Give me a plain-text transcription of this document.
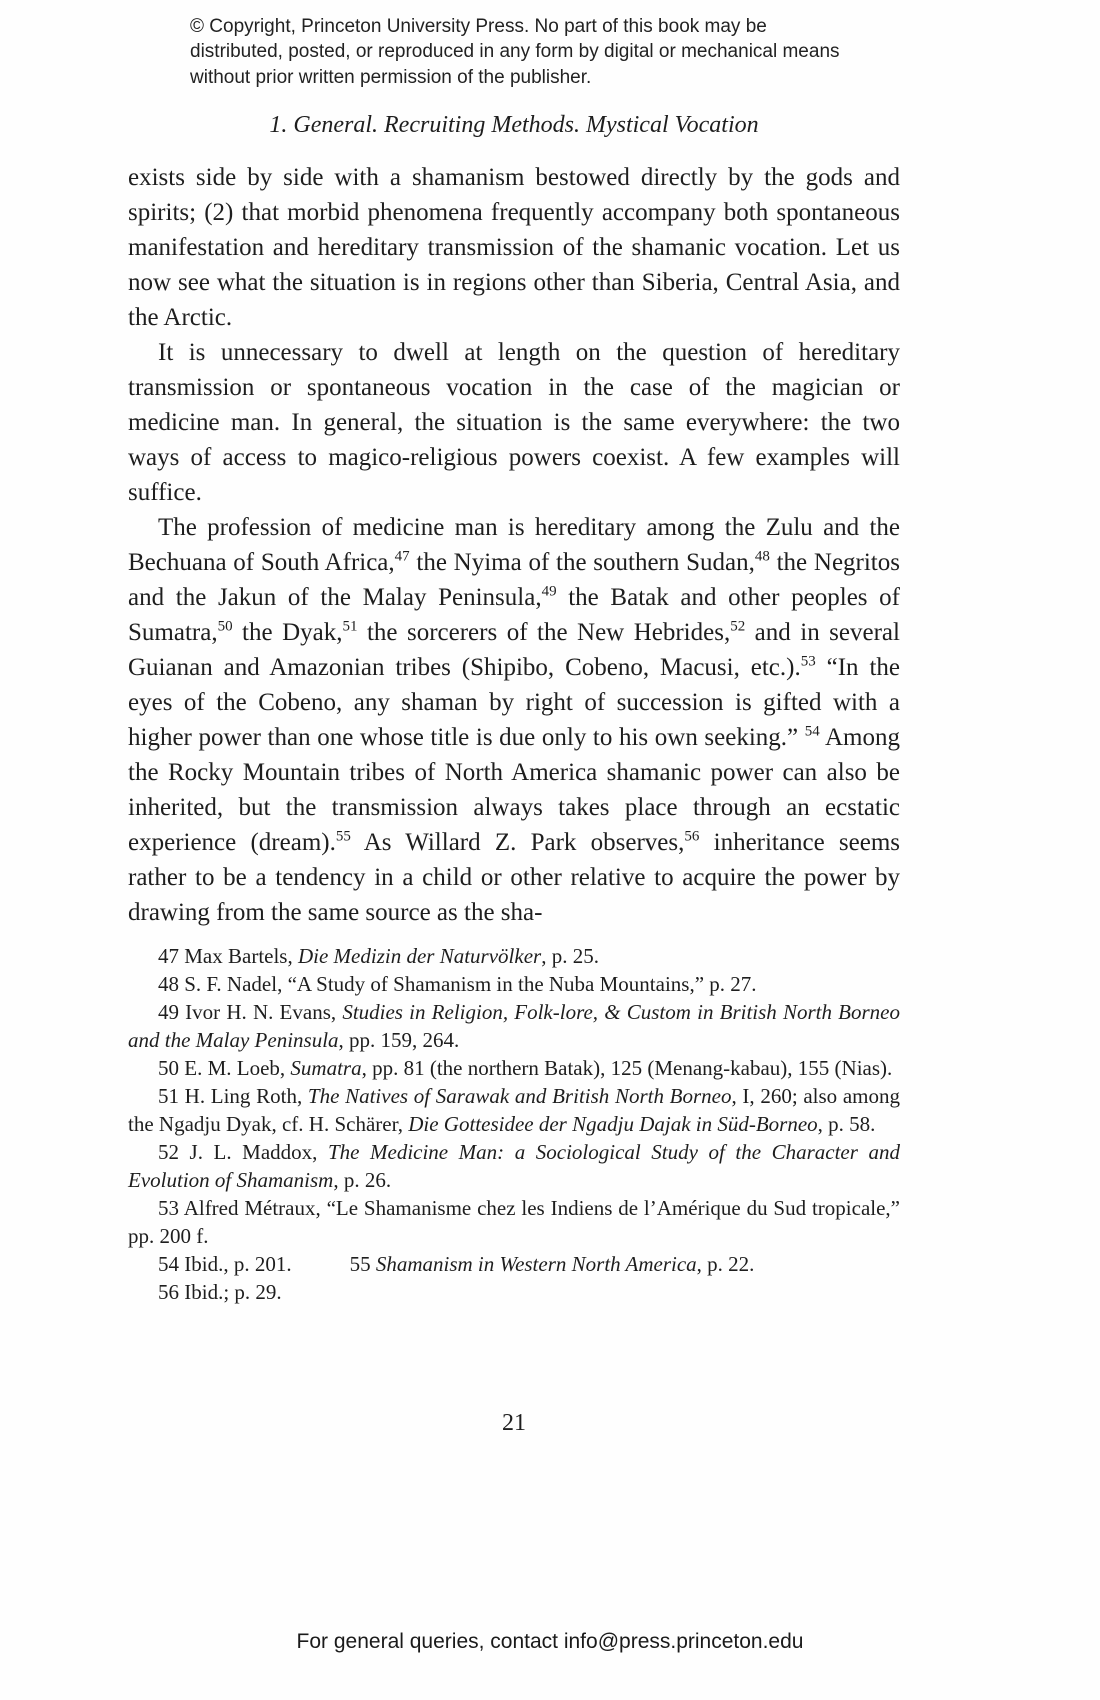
© Copyright, Princeton University Press. No part of this book may be distributed, posted, or reproduced in any form by digital or mechanical means without prior written permission of the publisher.
1. General. Recruiting Methods. Mystical Vocation

exists side by side with a shamanism bestowed directly by the gods and spirits; (2) that morbid phenomena frequently accompany both spontaneous manifestation and hereditary transmission of the shamanic vocation. Let us now see what the situation is in regions other than Siberia, Central Asia, and the Arctic.

It is unnecessary to dwell at length on the question of hereditary transmission or spontaneous vocation in the case of the magician or medicine man. In general, the situation is the same everywhere: the two ways of access to magico-religious powers coexist. A few examples will suffice.

The profession of medicine man is hereditary among the Zulu and the Bechuana of South Africa,$^{47}$ the Nyima of the southern Sudan,$^{48}$ the Negritos and the Jakun of the Malay Peninsula,$^{49}$ the Batak and other peoples of Sumatra,$^{50}$ the Dyak,$^{51}$ the sorcerers of the New Hebrides,$^{52}$ and in several Guianan and Amazonian tribes (Shipibo, Cobeno, Macusi, etc.).$^{53}$ “In the eyes of the Cobeno, any shaman by right of succession is gifted with a higher power than one whose title is due only to his own seeking.” $^{54}$ Among the Rocky Mountain tribes of North America shamanic power can also be inherited, but the transmission always takes place through an ecstatic experience (dream).$^{55}$ As Willard Z. Park observes,$^{56}$ inheritance seems rather to be a tendency in a child or other relative to acquire the power by drawing from the same source as the sha-

47 Max Bartels, Die Medizin der Naturvölker, p. 25.

48 S. F. Nadel, “A Study of Shamanism in the Nuba Mountains,” p. 27.

49 Ivor H. N. Evans, Studies in Religion, Folk-lore, & Custom in British North Borneo and the Malay Peninsula, pp. 159, 264.

50 E. M. Loeb, Sumatra, pp. 81 (the northern Batak), 125 (Menang-kabau), 155 (Nias).

51 H. Ling Roth, The Natives of Sarawak and British North Borneo, I, 260; also among the Ngadju Dyak, cf. H. Schärer, Die Gottesidee der Ngadju Dajak in Süd-Borneo, p. 58.

52 J. L. Maddox, The Medicine Man: a Sociological Study of the Character and Evolution of Shamanism, p. 26.

53 Alfred Métraux, “Le Shamanisme chez les Indiens de l’Amérique du Sud tropicale,” pp. 200 f.

54 Ibid., p. 201.	55 Shamanism in Western North America, p. 22.

56 Ibid.; p. 29.

21
For general queries, contact info@press.princeton.edu
